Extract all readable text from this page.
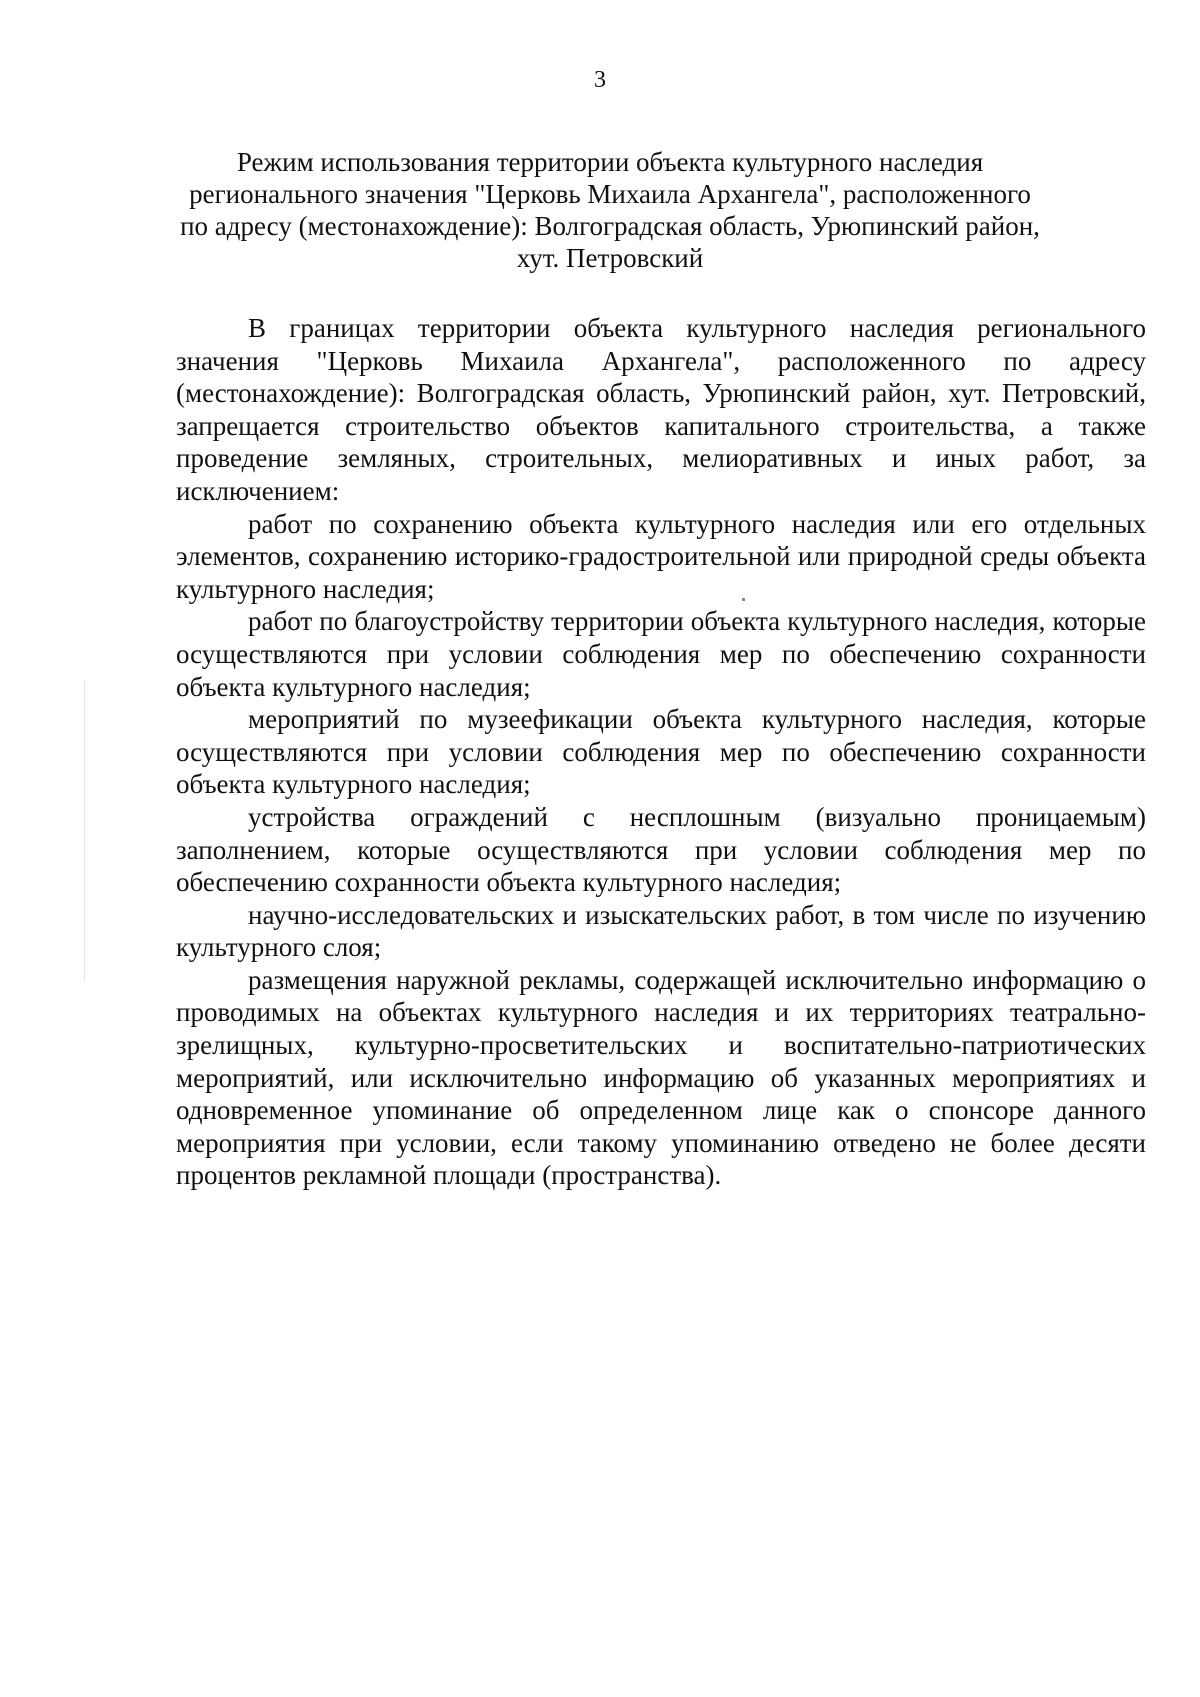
3
Режим использования территории объекта культурного наследия
регионального значения "Церковь Михаила Архангела", расположенного
по адресу (местонахождение): Волгоградская область, Урюпинский район,
хут. Петровский

В границах территории объекта культурного наследия регионального значения "Церковь Михаила Архангела", расположенного по адресу (местонахождение): Волгоградская область, Урюпинский район, хут. Петровский, запрещается строительство объектов капитального строительства, а также проведение земляных, строительных, мелиоративных и иных работ, за исключением:

работ по сохранению объекта культурного наследия или его отдельных элементов, сохранению историко-градостроительной или природной среды объекта культурного наследия;

работ по благоустройству территории объекта культурного наследия, которые осуществляются при условии соблюдения мер по обеспечению сохранности объекта культурного наследия;

мероприятий по музеефикации объекта культурного наследия, которые осуществляются при условии соблюдения мер по обеспечению сохранности объекта культурного наследия;

устройства ограждений с несплошным (визуально проницаемым) заполнением, которые осуществляются при условии соблюдения мер по обеспечению сохранности объекта культурного наследия;

научно-исследовательских и изыскательских работ, в том числе по изучению культурного слоя;

размещения наружной рекламы, содержащей исключительно информацию о проводимых на объектах культурного наследия и их территориях театрально-зрелищных, культурно-просветительских и воспитательно-патриотических мероприятий, или исключительно информацию об указанных мероприятиях и одновременное упоминание об определенном лице как о спонсоре данного мероприятия при условии, если такому упоминанию отведено не более десяти процентов рекламной площади (пространства).
